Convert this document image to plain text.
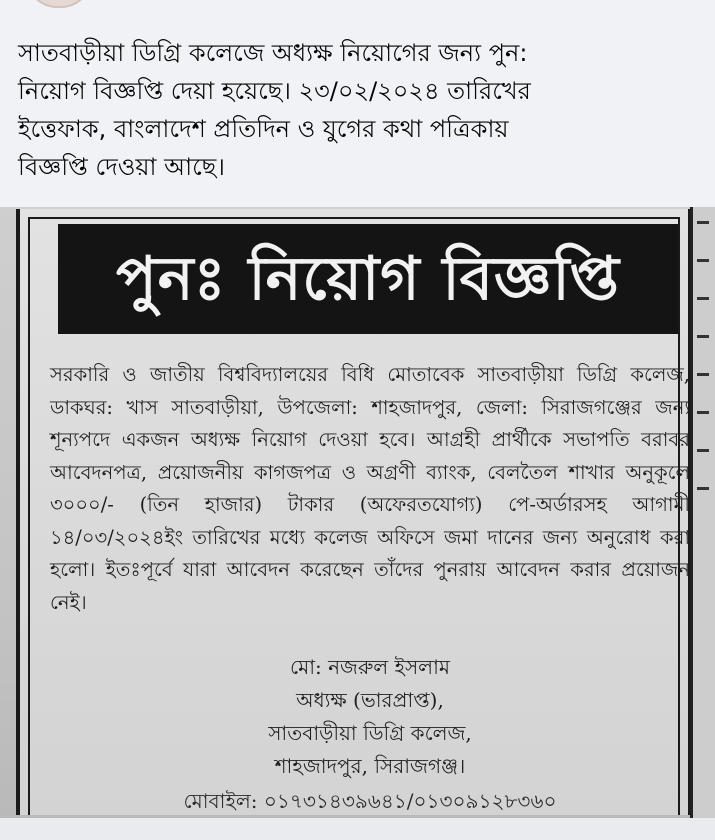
সাতবাড়ীয়া ডিগ্রি কলেজে অধ্যক্ষ নিয়োগের জন্য পুন:
নিয়োগ বিজ্ঞপ্তি দেয়া হয়েছে। ২৩/০২/২০২৪ তারিখের
ইত্তেফাক, বাংলাদেশ প্রতিদিন ও যুগের কথা পত্রিকায়
বিজ্ঞপ্তি দেওয়া আছে।

পুনঃ নিয়োগ বিজ্ঞপ্তি

সরকারি ও জাতীয় বিশ্ববিদ্যালয়ের বিধি মোতাবেক সাতবাড়ীয়া ডিগ্রি কলেজ, ডাকঘর: খাস সাতবাড়ীয়া, উপজেলা: শাহজাদপুর, জেলা: সিরাজগঞ্জের জন্য শূন্যপদে একজন অধ্যক্ষ নিয়োগ দেওয়া হবে। আগ্রহী প্রার্থীকে সভাপতি বরাবর আবেদনপত্র, প্রয়োজনীয় কাগজপত্র ও অগ্রণী ব্যাংক, বেলতৈল শাখার অনুকূলে ৩০০০/- (তিন হাজার) টাকার (অফেরতযোগ্য) পে-অর্ডারসহ আগামী ১৪/০৩/২০২৪ইং তারিখের মধ্যে কলেজ অফিসে জমা দানের জন্য অনুরোধ করা হলো। ইতঃপূর্বে যারা আবেদন করেছেন তাঁদের পুনরায় আবেদন করার প্রয়োজন নেই।

মো: নজরুল ইসলাম
অধ্যক্ষ (ভারপ্রাপ্ত),
সাতবাড়ীয়া ডিগ্রি কলেজ,
শাহজাদপুর, সিরাজগঞ্জ।

মোবাইল: ০১৭৩১৪৩৯৬৪১/০১৩০৯১২৮৩৬০
